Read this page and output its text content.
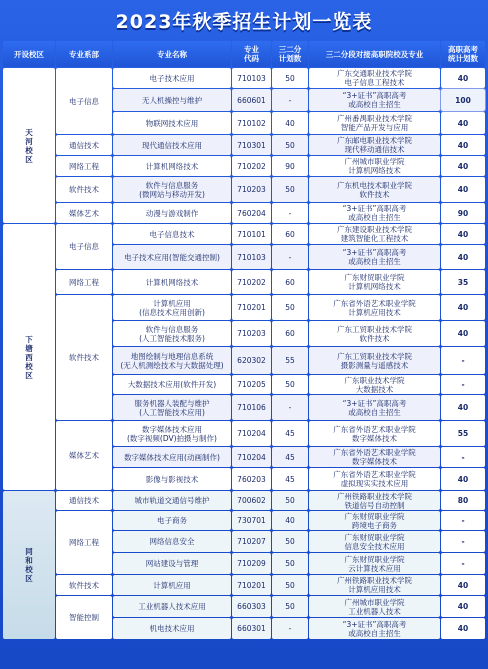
2023年秋季招生计划一览表
开设校区	专业系部	专业名称	专业
代码	三二分
计划数	三二分段对接高职院校及专业	高职高考
统计划数
天
河
校
区	电子信息	电子技术应用	710103	50	广东交通职业技术学院
电子信息工程技术	40
		无人机操控与维护	660601	-	“3+证书”高职高考
或高校自主招生	100
		物联网技术应用	710102	40	广州番禺职业技术学院
智能产品开发与应用	40
	通信技术	现代通信技术应用	710301	50	广东邮电职业技术学院
现代移动通信技术	40
	网络工程	计算机网络技术	710202	90	广州城市职业学院
计算机网络技术	40
	软件技术	软件与信息服务
(微网站与移动开发)	710203	50	广东机电技术职业学院
软件技术	40
	媒体艺术	动漫与游戏制作	760204	-	“3+证书”高职高考
或高校自主招生	90
下
塘
西
校
区	电子信息	电子信息技术	710101	60	广东建设职业技术学院
建筑智能化工程技术	40
		电子技术应用(智能交通控制)	710103	-	“3+证书”高职高考
或高校自主招生	40
	网络工程	计算机网络技术	710202	60	广东财贸职业学院
计算机网络技术	35
	软件技术	计算机应用
(信息技术应用创新)	710201	50	广东省外语艺术职业学院
计算机应用技术	40
		软件与信息服务
(人工智能技术服务)	710203	60	广东工贸职业技术学院
软件技术	40
		地图绘制与地理信息系统
(无人机测绘技术与大数据处理)	620302	55	广东工贸职业技术学院
摄影测量与遥感技术	-
		大数据技术应用(软件开发)	710205	50	广东职业技术学院
大数据技术	-
		服务机器人装配与维护
(人工智能技术应用)	710106	-	“3+证书”高职高考
或高校自主招生	40
	媒体艺术	数字媒体技术应用
(数字视频(DV)拍摄与制作)	710204	45	广东省外语艺术职业学院
数字媒体技术	55
		数字媒体技术应用(动画制作)	710204	45	广东省外语艺术职业学院
数字媒体技术	-
		影像与影视技术	760203	45	广东省外语艺术职业学院
虚拟现实实技术应用	40
同
和
校
区	通信技术	城市轨道交通信号维护	700602	50	广州铁路职业技术学院
铁道信号自动控制	80
	网络工程	电子商务	730701	40	广东财贸职业学院
跨境电子商务	-
		网络信息安全	710207	50	广东财贸职业学院
信息安全技术应用	-
		网站建设与管理	710209	50	广东财贸职业学院
云计算技术应用	-
	软件技术	计算机应用	710201	50	广州铁路职业技术学院
计算机应用技术	40
	智能控制	工业机器人技术应用	660303	50	广州城市职业学院
工业机器人技术	40
		机电技术应用	660301	-	“3+证书”高职高考
或高校自主招生	40
